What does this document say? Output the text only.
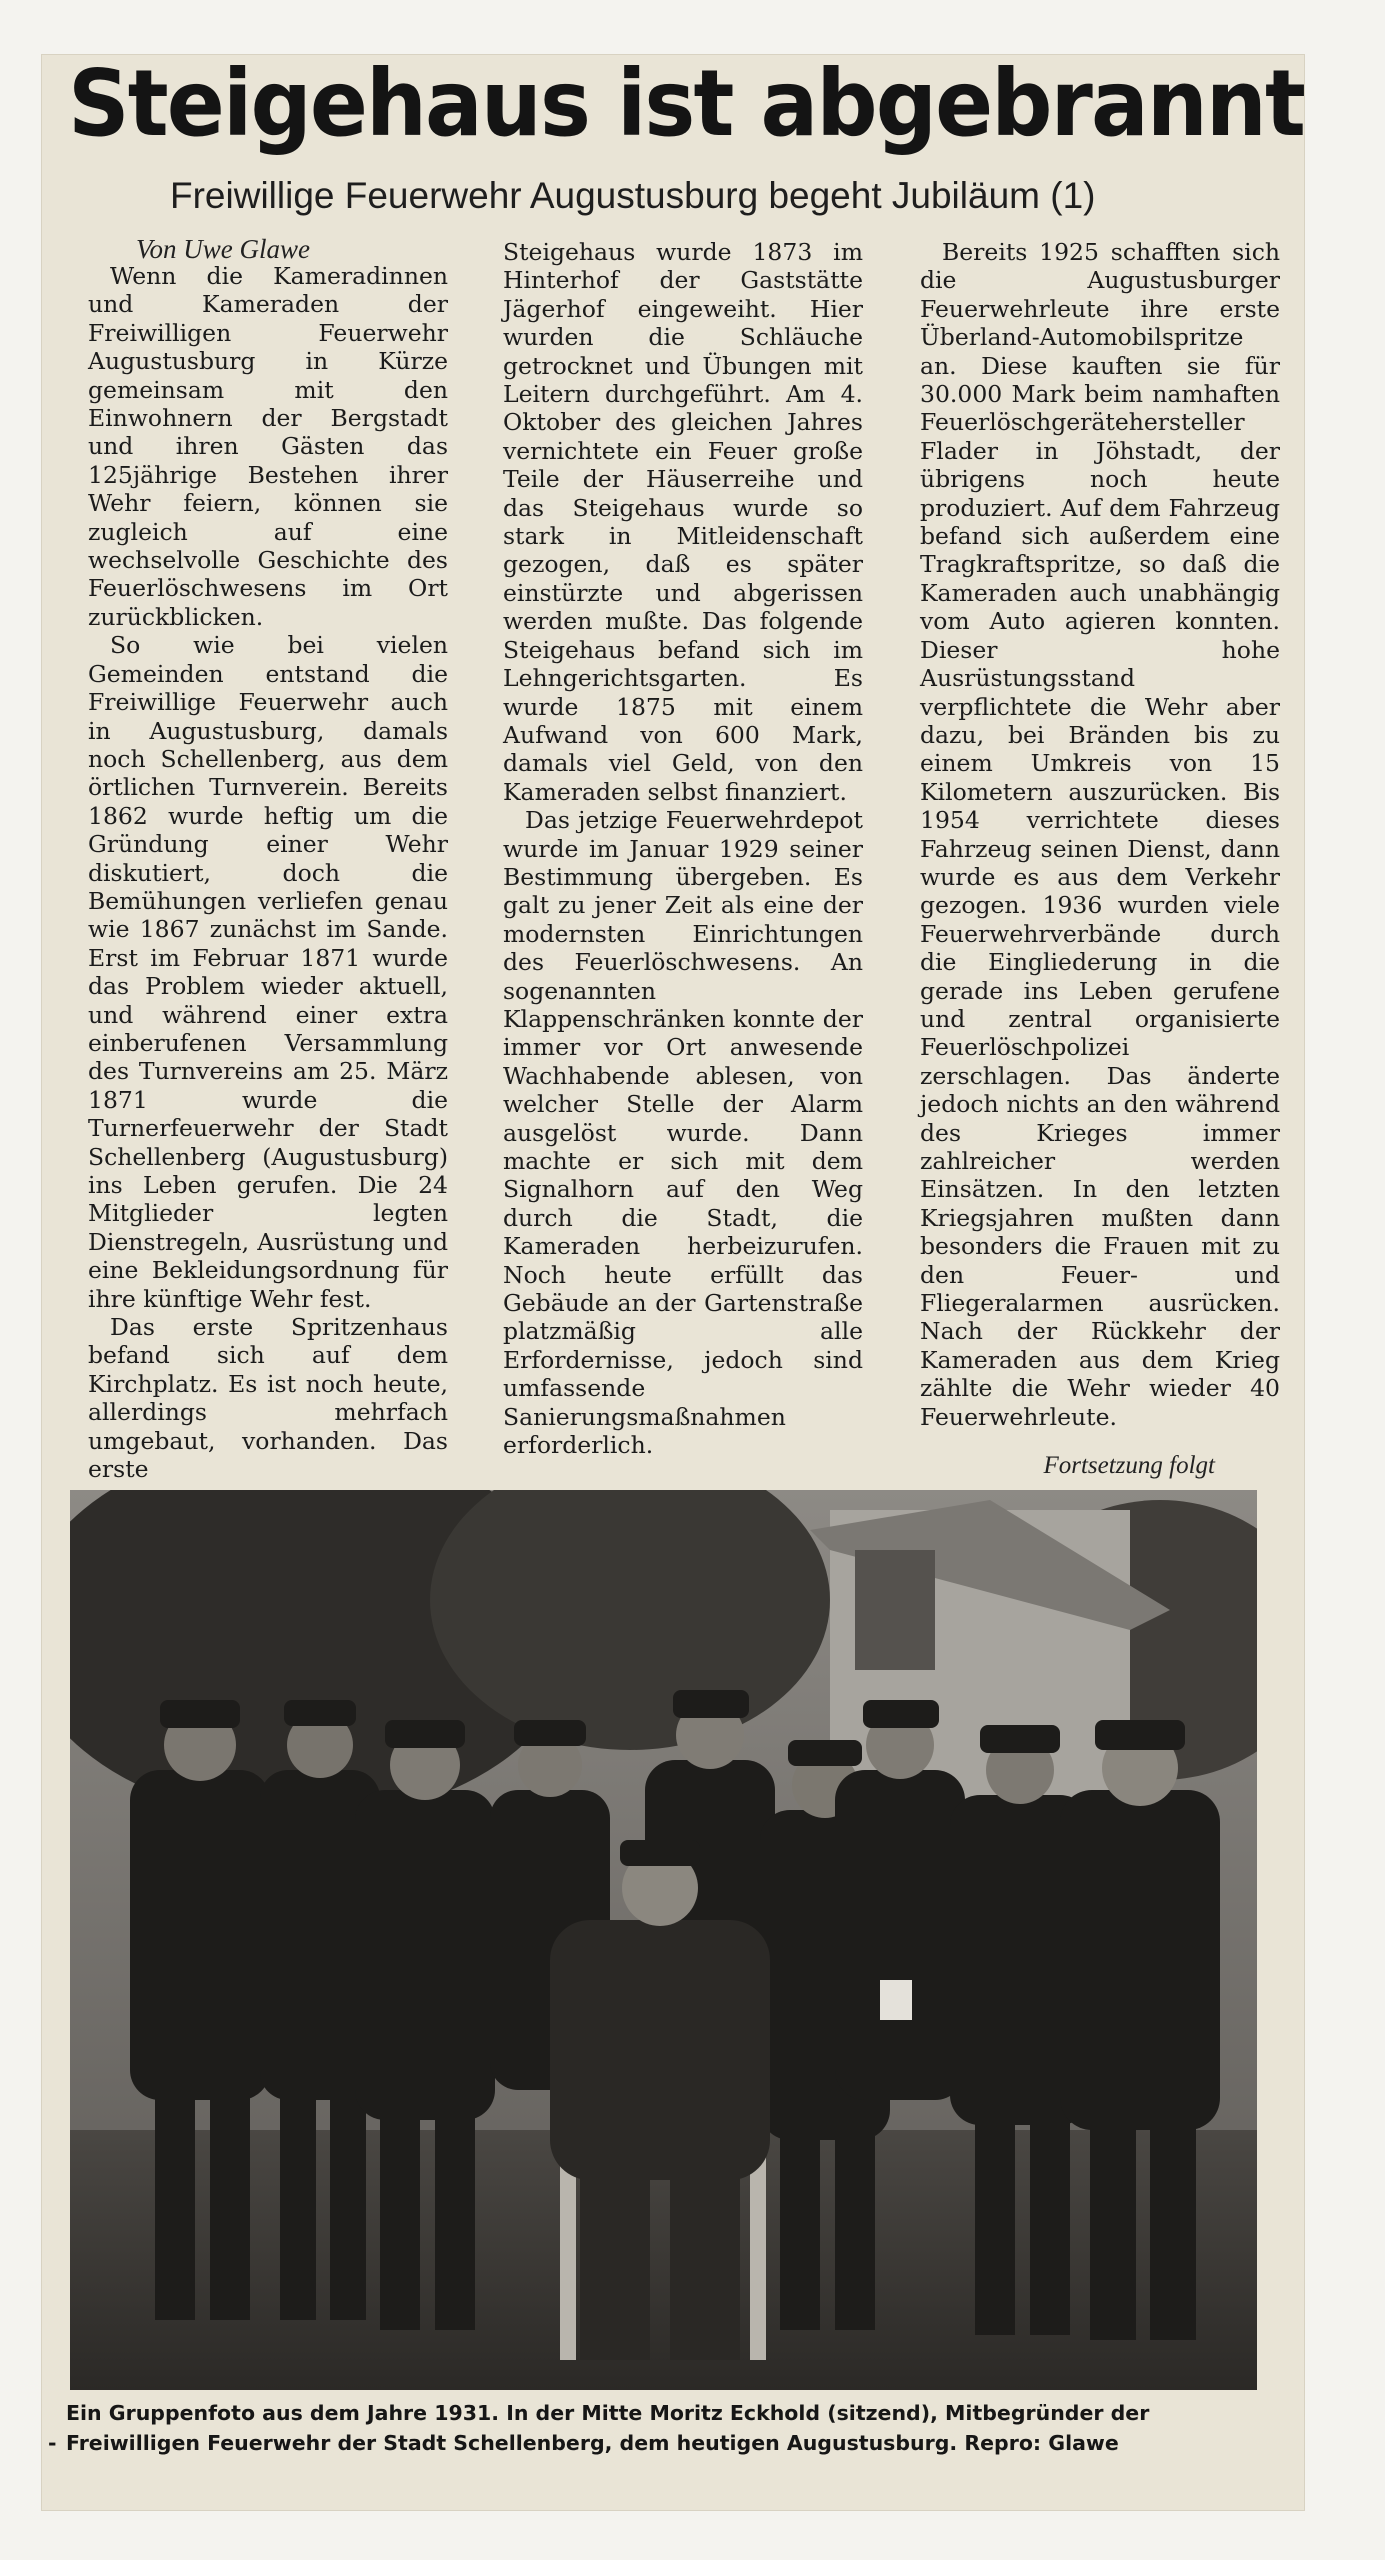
Steigehaus ist abgebrannt
Freiwillige Feuerwehr Augustusburg begeht Jubiläum (1)
Von Uwe Glawe

Wenn die Kameradinnen und Kameraden der Freiwilligen Feuerwehr Augustusburg in Kürze gemeinsam mit den Einwohnern der Bergstadt und ihren Gästen das 125jährige Bestehen ihrer Wehr feiern, können sie zugleich auf eine wechselvolle Geschichte des Feuerlöschwesens im Ort zurückblicken.

So wie bei vielen Gemeinden entstand die Freiwillige Feuerwehr auch in Augustusburg, damals noch Schellenberg, aus dem örtlichen Turnverein. Bereits 1862 wurde heftig um die Gründung einer Wehr diskutiert, doch die Bemühungen verliefen genau wie 1867 zunächst im Sande. Erst im Februar 1871 wurde das Problem wieder aktuell, und während einer extra einberufenen Versammlung des Turnvereins am 25. März 1871 wurde die Turnerfeuerwehr der Stadt Schellenberg (Augustusburg) ins Leben gerufen. Die 24 Mitglieder legten Dienstregeln, Ausrüstung und eine Bekleidungsordnung für ihre künftige Wehr fest.

Das erste Spritzenhaus befand sich auf dem Kirchplatz. Es ist noch heute, allerdings mehrfach umgebaut, vorhanden. Das erste

Steigehaus wurde 1873 im Hinterhof der Gaststätte Jägerhof eingeweiht. Hier wurden die Schläuche getrocknet und Übungen mit Leitern durchgeführt. Am 4. Oktober des gleichen Jahres vernichtete ein Feuer große Teile der Häuserreihe und das Steigehaus wurde so stark in Mitleidenschaft gezogen, daß es später einstürzte und abgerissen werden mußte. Das folgende Steigehaus befand sich im Lehngerichtsgarten. Es wurde 1875 mit einem Aufwand von 600 Mark, damals viel Geld, von den Kameraden selbst finanziert.

Das jetzige Feuerwehrdepot wurde im Januar 1929 seiner Bestimmung übergeben. Es galt zu jener Zeit als eine der modernsten Einrichtungen des Feuerlöschwesens. An sogenannten Klappenschränken konnte der immer vor Ort anwesende Wachhabende ablesen, von welcher Stelle der Alarm ausgelöst wurde. Dann machte er sich mit dem Signalhorn auf den Weg durch die Stadt, die Kameraden herbeizurufen. Noch heute erfüllt das Gebäude an der Gartenstraße platzmäßig alle Erfordernisse, jedoch sind umfassende Sanierungsmaßnahmen erforderlich.

Bereits 1925 schafften sich die Augustusburger Feuerwehrleute ihre erste Überland-Automobilspritze an. Diese kauften sie für 30.000 Mark beim namhaften Feuerlöschgerätehersteller Flader in Jöhstadt, der übrigens noch heute produziert. Auf dem Fahrzeug befand sich außerdem eine Tragkraftspritze, so daß die Kameraden auch unabhängig vom Auto agieren konnten. Dieser hohe Ausrüstungsstand verpflichtete die Wehr aber dazu, bei Bränden bis zu einem Umkreis von 15 Kilometern auszurücken. Bis 1954 verrichtete dieses Fahrzeug seinen Dienst, dann wurde es aus dem Verkehr gezogen. 1936 wurden viele Feuerwehrverbände durch die Eingliederung in die gerade ins Leben gerufene und zentral organisierte Feuerlöschpolizei zerschlagen. Das änderte jedoch nichts an den während des Krieges immer zahlreicher werden Einsätzen. In den letzten Kriegsjahren mußten dann besonders die Frauen mit zu den Feuer- und Fliegeralarmen ausrücken. Nach der Rückkehr der Kameraden aus dem Krieg zählte die Wehr wieder 40 Feuerwehrleute.

Fortsetzung folgt
Ein Gruppenfoto aus dem Jahre 1931. In der Mitte Moritz Eckhold (sitzend), Mitbegründer der
- Freiwilligen Feuerwehr der Stadt Schellenberg, dem heutigen Augustusburg. Repro: Glawe
